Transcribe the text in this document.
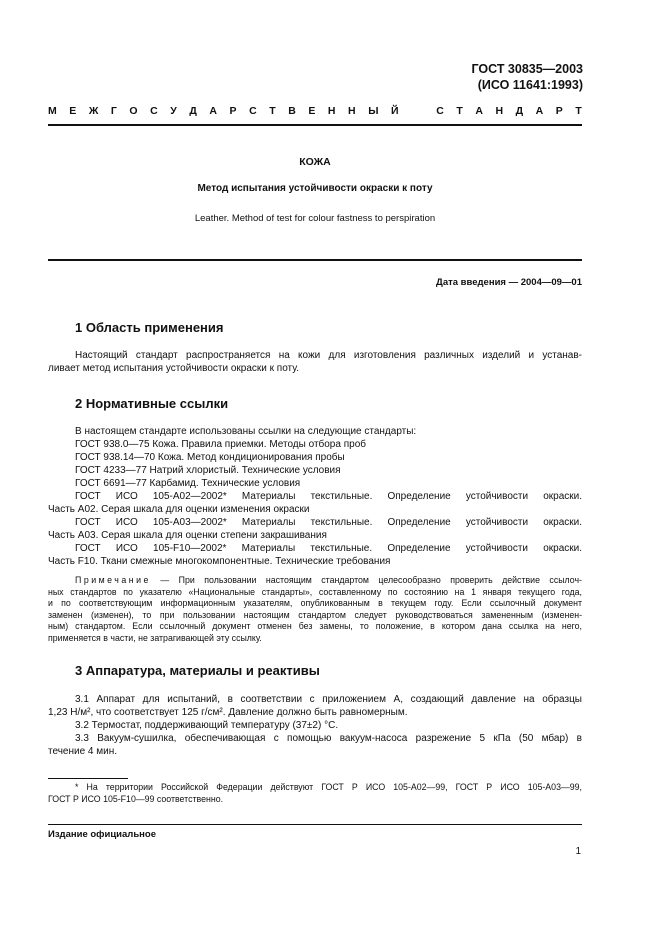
ГОСТ 30835—2003
(ИСО 11641:1993)
М Е Ж Г О С У Д А Р С Т В Е Н Н Ы Й	С Т А Н Д А Р Т
КОЖА
Метод испытания устойчивости окраски к поту
Leather. Method of test for colour fastness to perspiration
Дата введения — 2004—09—01
1 Область применения
Настоящий стандарт распространяется на кожи для изготовления различных изделий и устанав-
ливает метод испытания устойчивости окраски к поту.
2 Нормативные ссылки
В настоящем стандарте использованы ссылки на следующие стандарты:
ГОСТ 938.0—75 Кожа. Правила приемки. Методы отбора проб
ГОСТ 938.14—70 Кожа. Метод кондиционирования пробы
ГОСТ 4233—77 Натрий хлористый. Технические условия
ГОСТ 6691—77 Карбамид. Технические условия
ГОСТ ИСО 105-А02—2002* Материалы текстильные. Определение устойчивости окраски.
Часть А02. Серая шкала для оценки изменения окраски
ГОСТ ИСО 105-А03—2002* Материалы текстильные. Определение устойчивости окраски.
Часть А03. Серая шкала для оценки степени закрашивания
ГОСТ ИСО 105-F10—2002* Материалы текстильные. Определение устойчивости окраски.
Часть F10. Ткани смежные многокомпонентные. Технические требования
Примечание — При пользовании настоящим стандартом целесообразно проверить действие ссылоч-
ных стандартов по указателю «Национальные стандарты», составленному по состоянию на 1 января текущего года,
и по соответствующим информационным указателям, опубликованным в текущем году. Если ссылочный документ
заменен (изменен), то при пользовании настоящим стандартом следует руководствоваться замененным (изменен-
ным) стандартом. Если ссылочный документ отменен без замены, то положение, в котором дана ссылка на него,
применяется в части, не затрагивающей эту ссылку.
3 Аппаратура, материалы и реактивы
3.1 Аппарат для испытаний, в соответствии с приложением А, создающий давление на образцы
1,23 Н/м², что соответствует 125 г/см². Давление должно быть равномерным.
3.2 Термостат, поддерживающий температуру (37±2) °С.
3.3 Вакуум-сушилка, обеспечивающая с помощью вакуум-насоса разрежение 5 кПа (50 мбар) в
течение 4 мин.
* На территории Российской Федерации действуют ГОСТ Р ИСО 105-А02—99, ГОСТ Р ИСО 105-А03—99,
ГОСТ Р ИСО 105-F10—99 соответственно.
Издание официальное
1
